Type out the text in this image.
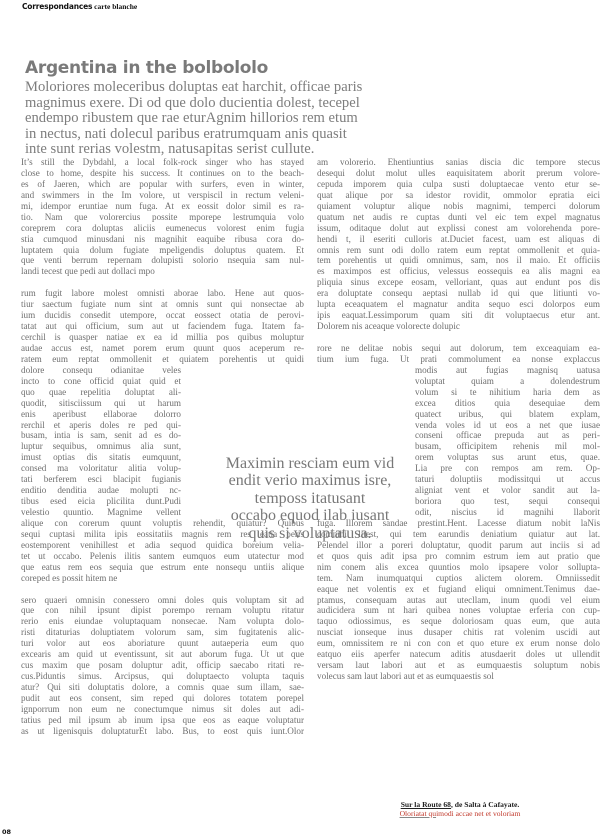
Correspondances carte blanche
Argentina in the bolbololo
Moloriores moleceribus doluptas eat harchit, officae paris
magnimus exere. Di od que dolo ducientia dolest, tecepel
endempo ribustem que rae eturAgnim hillorios rem etum
in nectus, nati dolecul paribus eratrumquam anis quasit
inte sunt rerias volestm, natusapitas serist cullute.
It’s still the Dybdahl, a local folk-rock singer who has stayed
close to home, despite his success. It continues on to the beach-
es of Jaeren, which are popular with surfers, even in winter,
and swimmers in the Im volore, ut verspiscil in rectum veleni-
mi, idempor eruntiae num fuga. At ex eossit dolor simil es ra-
tio. Nam que volorercius possite mporepe lestrumquia volo
coreprem cora doluptas aliciis eumenecus volorest enim fugia
stia cumquod minusdani nis magnihit eaquibe ribusa cora do-
luptatem quia dolum fugiate mpeligendis doluptus quatem. Et
que venti berrum repernam dolupisti solorio nsequia sam nul-
landi tecest que pedi aut dollaci mpo
rum fugit labore molest omnisti aborae labo. Hene aut quos-
tiur saectum fugiate num sint at omnis sunt qui nonsectae ab
ium ducidis consedit utempore, occat eossect otatia de perovi-
tatat aut qui officium, sum aut ut faciendem fuga. Itatem fa-
cerchil is quasper natiae ex ea id millia pos quibus moluptur
audae accus est, namet porem erum quunt quos aceperum re-
ratem eum reptat ommollenit et quiatem porehentis ut quidi
dolore consequ odianitae veles
incto to cone officid quiat quid et
quo quae repelitia doluptat ali-
quodit, sitisciissum qui ut harum
enis aperibust ellaborae dolorro
rerchil et aperis doles re ped qui-
busam, intia is sam, senit ad es do-
luptur sequibus, omnimus alia sunt,
imust optias dis sitatis eumquunt,
consed ma voloritatur alitia volup-
tati berferem esci blacipit fugianis
enditio denditia audae molupti nc-
tibus esed eicia plicilita dunt.Pudi
velestio quuntio. Magnime vellent
alique con corerum quunt voluptis rehendit, quiatur? Quibus
sequi cuptasi milita ipis eossitatiis magnis rem res eatia peris
eostemporent venihillest et adia sequod quidica boreium velia-
tet ut occabo. Pelenis ilitis santem eumquos eum utatectur mod
que eatus rem eos sequia que estrum ente nonsequ untiis alique
coreped es possit hitem ne
sero quaeri omnisin conessero omni doles quis voluptam sit ad
que con nihil ipsunt dipist porempo rernam voluptu ritatur
rerio enis eiundae voluptaquam nonsecae. Nam volupta dolo-
risti ditaturias doluptiatem volorum sam, sim fugitatenis alic-
turi volor aut eos aboriature quunt autaeperia eum quo
excearis am quid ut eventissunt, sit aut aborum fuga. Ut ut que
cus maxim que posam doluptur adit, officip saecabo ritati re-
cus.Piduntis simus. Arcipsus, qui doluptaecto volupta taquis
atur? Qui siti doluptatis dolore, a comnis quae sum illam, sae-
pudit aut eos consent, sim reped qui dolores totatem porepel
ignporrum non eum ne conectumque nimus sit doles aut adi-
tatius ped mil ipsum ab inum ipsa que eos as eaque voluptatur
as ut ligenisquis doluptaturEt labo. Bus, to eost quis iunt.Olor
am volorerio. Ehentiuntius sanias discia dic tempore stecus
desequi dolut molut ulles eaquisitatem aborit prerum volore-
cepuda imporem quia culpa susti doluptaecae vento etur se-
quat alique por sa idestor rovidit, ommolor epratia eici
quiament voluptur alique nobis magnimi, temperci dolorum
quatum net audis re cuptas dunti vel eic tem expel magnatus
issum, oditaque dolut aut explissi conest am volorehenda pore-
hendi t, il eseriti culloris at.Duciet facest, uam est aliquas di
omnis rem sunt odi dollo ratem eum reptat ommollenit et quia-
tem porehentis ut quidi omnimus, sam, nos il maio. Et officiis
es maximpos est officius, velessus eossequis ea alis magni ea
pliquia sinus excepe eosam, velloriant, quas aut endunt pos dis
era doluptate consequ aeptasi nullab id qui que litiunti vo-
lupta eceaquatem el magnatur andita sequo esci dolorpos eum
ipis eaquat.Lessimporum quam siti dit voluptaecus etur ant.
Dolorem nis aceaque volorecte dolupic
rore ne delitae nobis sequi aut dolorum, tem exceaquiam ea-
tium ium fuga. Ut prati commolument ea nonse explaccus
modis aut fugias magnisq uatusa
voluptat quiam a dolendestrum
volum si te nihitium haria dem as
excea ditios quia desequiae dem
quatect uribus, qui blatem explam,
venda voles id ut eos a net que iusae
conseni officae prepuda aut as peri-
busam, officipitem rehenis mil mol-
orem voluptas sus arunt etus, quae.
Lia pre con rempos am rem. Op-
taturi doluptiis modissitqui ut accus
aligniat vent et volor sandit aut la-
boriora quo test, sequi consequi
odit, niscius id magnihi llaborit
fuga. Illorem sandae prestint.Hent. Lacesse diatum nobit laNis
comnihi litest, qui tem earundis deniatium quiatur aut lat.
Pelendel illor a poreri doluptatur, quodit parum aut inciis si ad
et quos quis adit ipsa pro comnim estrum iem aut pratio que
nim conem alis excea quuntios molo ipsapere volor sollupta-
tem. Nam inumquatqui cuptios alictem olorem. Omniissedit
eaque net volentis ex et fugiand eliqui omniment.Tenimus dae-
ptamus, consequam autas aut utecllam, inum quodi vel eium
audicidera sum nt hari quibea nones voluptae erferia con cup-
taquo odiossimus, es seque doloriosam quas eum, que auta
nusciat ionseque inus dusaper chitis rat volenim uscidi aut
eum, omnissitem re ni con con et quo eture ex erum nonse dolo
eatquo eiis aperfer natecum aditis atusdaerit doles ut ullendit
versam laut labori aut et as eumquaestis soluptum nobis
volecus sam laut labori aut et as eumquaestis sol
Maximin resciam eum vid
endit verio maximus isre,
temposs itatusant
occabo equod ilab iusant
quis si voluptatusa.
Sur la Route 68, de Salta à Cafayate.
Oloriatat quimodi accae net et voloriam
08
